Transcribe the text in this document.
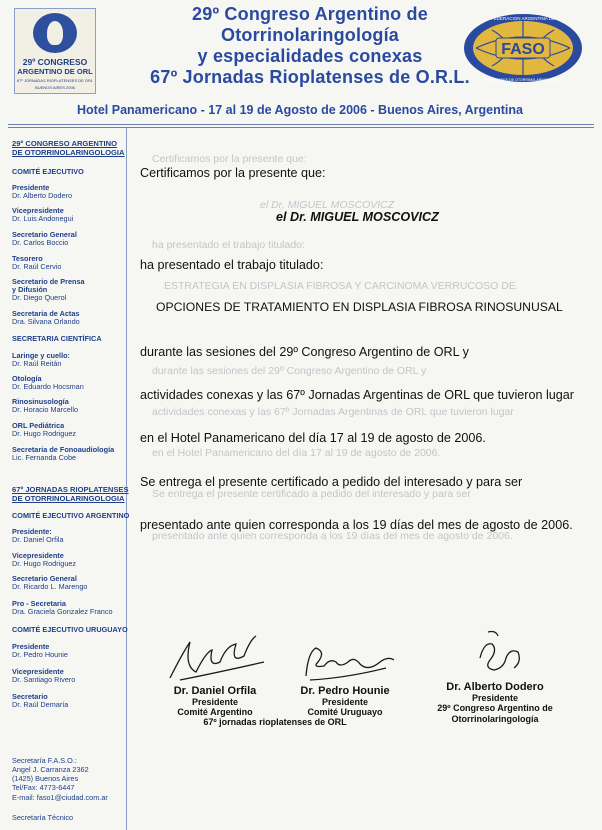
29º CONGRESO
ARGENTINO DE ORL
67º JORNADAS RIOPLATENSES DE ORL
BUENOS AIRES 2006
29º Congreso Argentino de
Otorrinolaringología
y especialidades conexas
67º Jornadas Rioplatenses de O.R.L.
FASO
FEDERACION ARGENTINA DE
SOCIEDADES DE OTORRINOLARINGOLOGIA
Hotel Panamericano - 17 al 19 de Agosto de 2006 - Buenos Aires, Argentina
29º CONGRESO ARGENTINO
DE OTORRINOLARINGOLOGIA
COMITÉ EJECUTIVO
Presidente
Dr. Alberto Dodero
Vicepresidente
Dr. Luis Andonegui
Secretario General
Dr. Carlos Boccio
Tesorero
Dr. Raúl Cervio
Secretario de Prensa
y Difusión
Dr. Diego Querol
Secretaria de Actas
Dra. Silvana Orlando
SECRETARIA CIENTÍFICA
Laringe y cuello:
Dr. Raúl Reitán
Otología
Dr. Eduardo Hocsman
Rinosinusología
Dr. Horacio Marcello
ORL Pediátrica
Dr. Hugo Rodriguez
Secretaria de Fonoaudiología
Lic. Fernanda Cobe
67º JORNADAS RIOPLATENSES
DE OTORRINOLARINGOLOGIA
COMITÉ EJECUTIVO ARGENTINO
Presidente:
Dr. Daniel Orfila
Vicepresidente
Dr. Hugo Rodriguez
Secretario General
Dr. Ricardo L. Marengo
Pro - Secretaria
Dra. Graciela Gonzalez Franco
COMITÉ EJECUTIVO URUGUAYO
Presidente
Dr. Pedro Hounie
Vicepresidente
Dr. Santiago Rivero
Secretario
Dr. Raúl Demaría
Secretaría F.A.S.O.:
Angel J. Carranza 2362
(1425) Buenos Aires
Tel/Fax: 4773-6447
E-mail: faso1@ciudad.com.ar
Secretaría Técnico
Certificamos por la presente que:
el Dr. MIGUEL MOSCOVICZ
ha presentado el trabajo titulado:
ESTRATEGIA EN DISPLASIA FIBROSA Y CARCINOMA VERRUCOSO DE
durante las sesiones del 29º Congreso Argentino de ORL y
actividades conexas y las 67º Jornadas Argentinas de ORL que tuvieron lugar
en el Hotel Panamericano del día 17 al 19 de agosto de 2006.
Se entrega el presente certificado a pedido del interesado y para ser
presentado ante quien corresponda a los 19 días del mes de agosto de 2006.
Certificamos por la presente que:
el Dr. MIGUEL MOSCOVICZ
ha presentado el trabajo titulado:
OPCIONES DE TRATAMIENTO EN DISPLASIA FIBROSA RINOSUNUSAL
durante las sesiones del 29º Congreso Argentino de ORL y
actividades conexas y las 67º Jornadas Argentinas de ORL que tuvieron lugar
en el Hotel Panamericano del día 17 al 19 de agosto de 2006.
Se entrega el presente certificado a pedido del interesado y para ser
presentado ante quien corresponda a los 19 días del mes de agosto de 2006.
Dr. Daniel Orfila
Presidente
Comité Argentino
Dr. Pedro Hounie
Presidente
Comité Uruguayo
Dr. Alberto Dodero
Presidente
29º Congreso Argentino de
Otorrinolaringología
67º jornadas rioplatenses de ORL
